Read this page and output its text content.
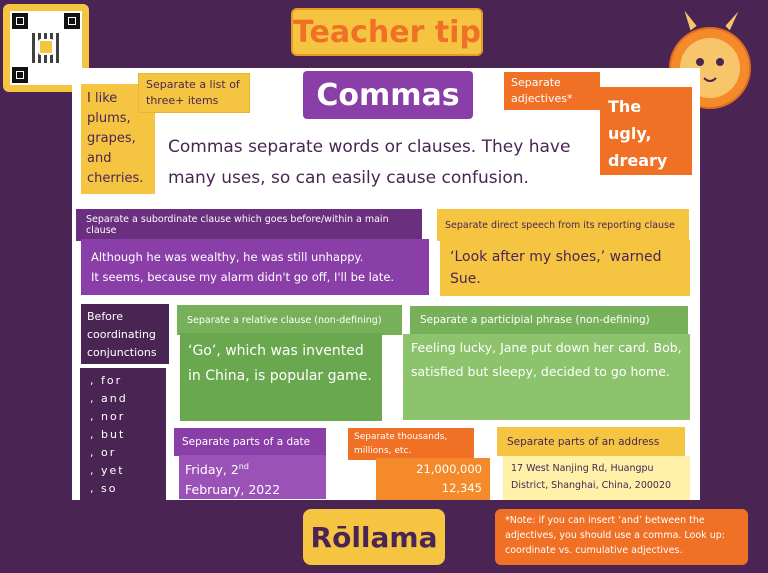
Teacher tip
Commas
I like plums, grapes, and cherries.
Separate a list of three+ items
Separate adjectives*	The ugly, dreary tower
Commas separate words or clauses. They have many uses, so can easily cause confusion.
Separate a subordinate clause which goes before/within a main clause
Although he was wealthy, he was still unhappy.
It seems, because my alarm didn't go off, I'll be late.
Separate direct speech from its reporting clause
‘Look after my shoes,’ warned Sue.
Before coordinating conjunctions
, for
, and
, nor
, but
, or
, yet
, so
Separate a relative clause (non-defining)
‘Go’, which was invented in China, is popular game.
Separate a participial phrase (non-defining)
Feeling lucky, Jane put down her card. Bob, satisfied but sleepy, decided to go home.
Separate parts of a date
Friday, 2nd
February, 2022
Separate thousands, millions, etc.
21,000,000
12,345
Separate parts of an address
17 West Nanjing Rd, Huangpu
District, Shanghai, China, 200020
Rōllama	*Note: if you can insert ‘and’ between the adjectives, you should use a comma. Look up: coordinate vs. cumulative adjectives.
